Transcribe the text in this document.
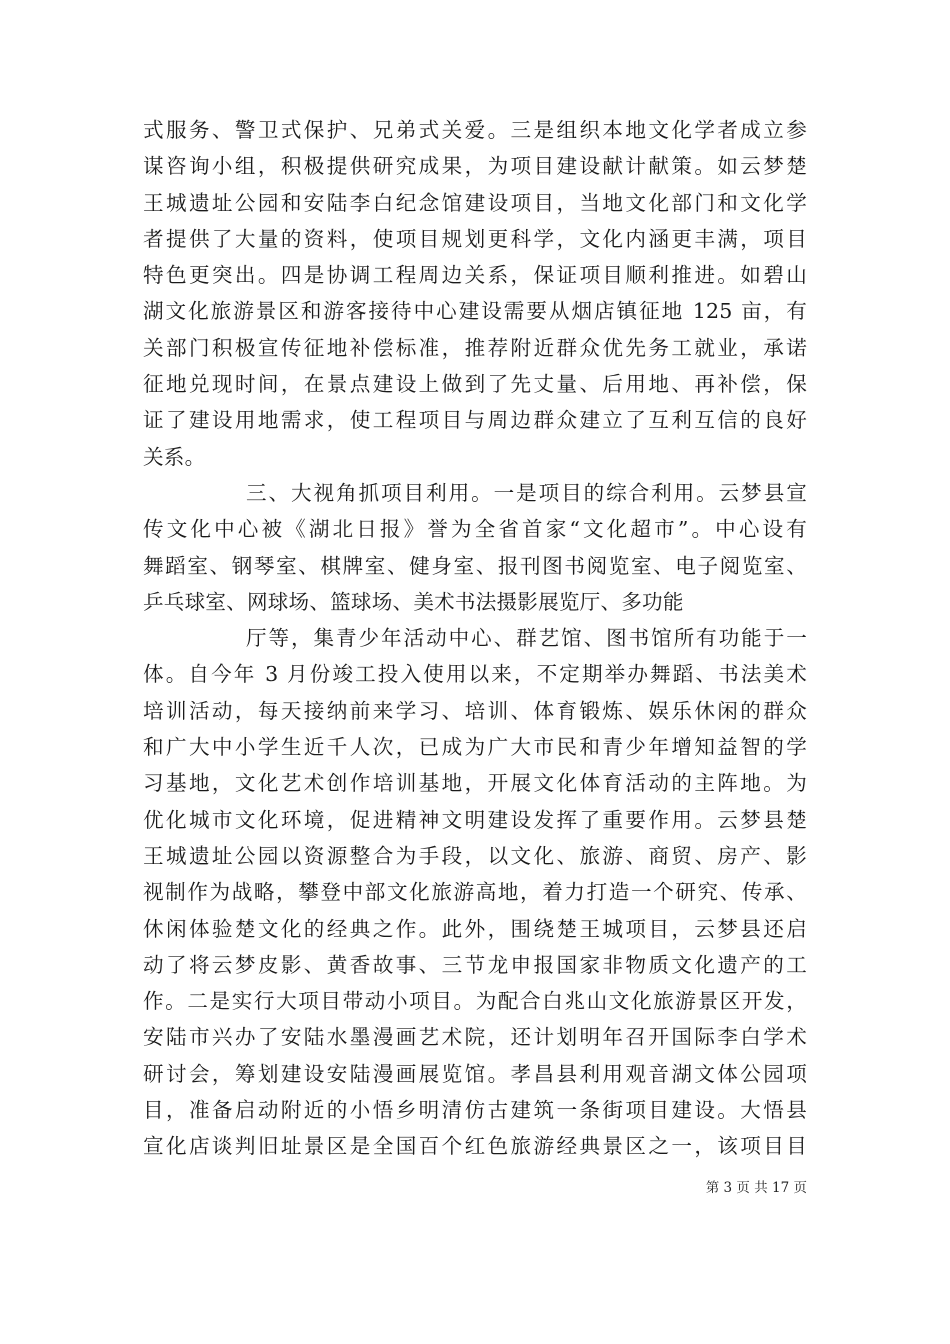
式服务、警卫式保护、兄弟式关爱。三是组织本地文化学者成立参
谋咨询小组，积极提供研究成果，为项目建设献计献策。如云梦楚
王城遗址公园和安陆李白纪念馆建设项目，当地文化部门和文化学
者提供了大量的资料，使项目规划更科学，文化内涵更丰满，项目
特色更突出。四是协调工程周边关系，保证项目顺利推进。如碧山
湖文化旅游景区和游客接待中心建设需要从烟店镇征地 125 亩，有
关部门积极宣传征地补偿标准，推荐附近群众优先务工就业，承诺
征地兑现时间，在景点建设上做到了先丈量、后用地、再补偿，保
证了建设用地需求，使工程项目与周边群众建立了互利互信的良好
关系。
三、大视角抓项目利用。一是项目的综合利用。云梦县宣
传文化中心被《湖北日报》誉为全省首家“文化超市”。中心设有
舞蹈室、钢琴室、棋牌室、健身室、报刊图书阅览室、电子阅览室、
乒乓球室、网球场、篮球场、美术书法摄影展览厅、多功能
厅等，集青少年活动中心、群艺馆、图书馆所有功能于一
体。自今年 3 月份竣工投入使用以来，不定期举办舞蹈、书法美术
培训活动，每天接纳前来学习、培训、体育锻炼、娱乐休闲的群众
和广大中小学生近千人次，已成为广大市民和青少年增知益智的学
习基地，文化艺术创作培训基地，开展文化体育活动的主阵地。为
优化城市文化环境，促进精神文明建设发挥了重要作用。云梦县楚
王城遗址公园以资源整合为手段，以文化、旅游、商贸、房产、影
视制作为战略，攀登中部文化旅游高地，着力打造一个研究、传承、
休闲体验楚文化的经典之作。此外，围绕楚王城项目，云梦县还启
动了将云梦皮影、黄香故事、三节龙申报国家非物质文化遗产的工
作。二是实行大项目带动小项目。为配合白兆山文化旅游景区开发，
安陆市兴办了安陆水墨漫画艺术院，还计划明年召开国际李白学术
研讨会，筹划建设安陆漫画展览馆。孝昌县利用观音湖文体公园项
目，准备启动附近的小悟乡明清仿古建筑一条街项目建设。大悟县
宣化店谈判旧址景区是全国百个红色旅游经典景区之一，该项目目
第 3 页 共 17 页
